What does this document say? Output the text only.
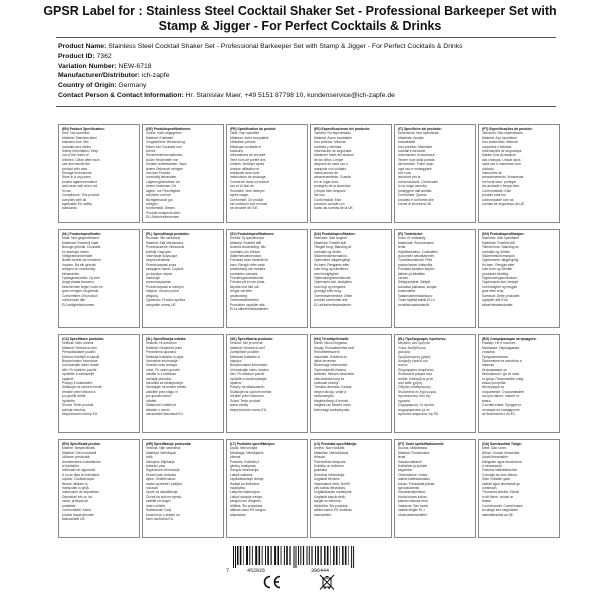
GPSR Label for : Stainless Steel Cocktail Shaker Set - Professional Barkeeper Set with Stamp & Jigger - For Perfect Cocktails & Drinks
Product Name: Stainless Steel Cocktail Shaker Set - Professional Barkeeper Set with Stamp & Jigger - For Perfect Cocktails & Drinks
Product ID: 7362
Variation Number: NEW-6718
Manufacturer/Distributor: ich-zapfe
Country of Origin: Germany
Contact Person & Contact Information: Hr. Stanislav Maer, +49 5151 87798 10, kundenservice@ich-zapfe.de
(EN) Product Specification:
Size: Not specified
Material: Stainless steel
Intended Use: Mix
cocktails and drinks
Safety Information: Keep
out of the reach of
children. Clean after each
use and handle the
product with care.
Storage Instructions:
Store in a dry place,
protect against moisture
and clean well when not
in use.
Compliance: This product
complies with all
applicable EU safety
standards.
(DE) Produktspezifikationen:
Größe: nicht angegeben
Material: Edelstahl
Vorgesehene Verwendung:
Mixen von Cocktails und
Drinks
Sicherheitsinformationen:
Außer Reichweite von
Kindern aufbewahren. Nach
jedem Gebrauch reinigen
und das Produkt
vorsichtig behandeln.
Lagerungshinweise: An
einem trockenen Ort
lagern, vor Feuchtigkeit
schützen und bei
Nichtgebrauch gut
reinigen.
Konformität: Dieses
Produkt entspricht allen
EU-Sicherheitsnormen.
(FR) Spécification du produit:
Taille: Non spécifiée
Matériau: Acier inoxydable
Utilisation prévue:
Mélanger cocktails et
boissons
Informations de sécurité:
Tenir hors de portée des
enfants. Nettoyer après
chaque utilisation et
manipuler avec soin.
Instructions de stockage:
Conserver dans un endroit
sec et à l'abri de
l'humidité, bien nettoyer
après usage.
Conformité: Ce produit
est conforme aux normes
de sécurité de l'UE.
(ES) Especificaciones del producto:
Tamaño: No especificado
Material: Acero inoxidable
Uso previsto: Mezclar
cócteles y bebidas
Información de seguridad:
Mantener fuera del alcance
de los niños. Limpie
después de cada uso y
manipule con cuidado.
Instrucciones de
almacenamiento: Guarde
en un lugar seco,
protegido de la humedad
y limpie bien después
del uso.
Conformidad: Este
producto cumple con
todas las normas de la UE.
(IT) Specifiche del prodotto:
Dimensioni: Non specificate
Materiale: Acciaio
inossidabile
Uso previsto: Miscelare
cocktail e bevande
Informazioni di sicurezza:
Tenere fuori dalla portata
dei bambini. Pulire dopo
ogni uso e maneggiare
con cura.
Istruzioni per la
conservazione: Conservare
in un luogo asciutto,
proteggere dall'umidità.
Conformità: Questo
prodotto è conforme alle
norme di sicurezza UE.
(PT) Especificações do produto:
Tamanho: Não especificado
Material: Aço inoxidável
Uso pretendido: Misturar
coquetéis e bebidas
Informações de segurança:
Manter fora do alcance
das crianças. Limpar após
cada uso e manusear com
cuidado.
Instruções de
armazenamento: Armazenar
em local seco, proteger
da umidade e limpar bem.
Conformidade: Este
produto está em
conformidade com as
normas de segurança da UE.
(NL) Productspecificatie:
Maat: Niet gespecificeerd
Materiaal: Roestvrij staal
Beoogd gebruik: Cocktails
en drankjes mixen
Veiligheidsinformatie:
Buiten bereik van kinderen
houden. Na elk gebruik
reinigen en voorzichtig
behandelen.
Opslaginstructies: Op een
droge plaats bewaren,
beschermen tegen vocht en
goed reinigen na gebruik.
Conformiteit: Dit product
voldoet aan alle
EU-veiligheidsnormen.
(PL) Specyfikacja produktu:
Rozmiar: Nie określono
Materiał: Stal nierdzewna
Przeznaczenie: Mieszanie
koktajli i napojów
Informacje dotyczące
bezpieczeństwa:
Przechowywać poza
zasięgiem dzieci. Czyścić
po każdym użyciu.
Instrukcje
przechowywania:
Przechowywać w suchym
miejscu, chronić przed
wilgocią.
Zgodność: Produkt spełnia
wszystkie normy UE.
(SV) Produktspecifikationer:
Storlek: Ej specificerad
Material: Rostfritt stål
Avsedd användning: Mix
cocktails och drinkar
Säkerhetsinformation:
Förvaras utom räckhåll för
barn. Rengör efter varje
användning och hantera
produkten varsamt.
Förvaringsinstruktioner:
Förvara på en torr plats,
skydda mot fukt och
rengör väl efter
användning.
Överensstämmelse:
Produkten uppfyller alla
EU:s säkerhetsstandarder.
(DA) Produktspecifikation:
Størrelse: Ikke angivet
Materiale: Rustfrit stål
Tilsigtet brug: Blanding af
cocktails og drinks
Sikkerhedsinformation:
Opbevares utilgængeligt
for børn. Rengøres efter
hver brug og håndteres
med forsigtighed.
Opbevaringsinstruktioner:
Opbevares tørt, beskyttes
mod fugt og rengøres
grundigt efter brug.
Overensstemmelse: Dette
produkt overholder alle
EU-sikkerhedsstandarder.
(FI) Tuotetiedot:
Koko: Ei määritelty
Materiaali: Ruostumaton
teräs
Käyttötarkoitus: Cocktailien
ja juomien sekoittaminen
Turvallisuustiedot: Pidä
poissa lasten ulottuvilta.
Puhdista jokaisen käytön
jälkeen ja käsittele
varoen.
Säilytysohjeet: Säilytä
kuivassa paikassa, suojaa
kosteudelta.
Vaatimustenmukaisuus:
Tuote täyttää kaikki EU:n
turvallisuusstandardit.
(NO) Produktspesifikasjon:
Størrelse: Ikke spesifisert
Materiale: Rustfritt stål
Tiltenkt bruk: Blanding av
cocktails og drinker
Sikkerhetsinformasjon:
Oppbevares utilgjengelig
for barn. Rengjør etter
hver bruk og håndter
produktet forsiktig.
Oppbevaringsinstrukser:
Oppbevares tørt, beskytt
mot fuktighet og rengjør
godt etter bruk.
Samsvar: Dette produktet
oppfyller alle EUs
sikkerhetsstandarder.
(CS) Specifikace produktu:
Velikost: Není určena
Materiál: Nerezová ocel
Předpokládané použití:
Míchání koktejlů a nápojů
Bezpečnostní informace:
Uchovávejte mimo dosah
dětí. Po každém použití
vyčistěte a zacházejte
opatrně.
Pokyny k uskladnění:
Skladujte na suchém místě,
chraňte před vlhkostí a
po použití dobře
vyčistěte.
Shoda: Tento produkt
splňuje všechny
bezpečnostní normy EU.
(SL) Specifikacija izdelka:
Velikost: Ni določeno
Material: Nerjaveče jeklo
Predvidena uporaba:
Mešanje koktajlov in pijač
Varnostne informacije:
Hranite izven dosega
otrok. Po vsaki uporabi
očistite in z izdelkom
ravnajte previdno.
Navodila za shranjevanje:
Shranjujte na suhem mestu,
zaščitite pred vlago in
po uporabi dobro
očistite.
Skladnost: Izdelek je
skladen z vsemi
varnostnimi standardi EU.
(SK) Špecifikácia produktu:
Veľkosť: Nie je určená
Materiál: Nerezová oceľ
Zamýšľané použitie:
Miešanie koktailov a
nápojov
Bezpečnostné informácie:
Uchovávajte mimo dosahu
detí. Po každom použití
vyčistite a zaobchádzajte
opatrne.
Pokyny na skladovanie:
Skladujte na suchom mieste,
chráňte pred vlhkosťou.
Súlad: Tento produkt
spĺňa všetky
bezpečnostné normy EÚ.
(HU) Termékjellemzők:
Méret: Nincs megadva
Anyag: Rozsdamentes acél
Rendeltetésszerű
használat: Koktélok és
italok keverése
Biztonsági információk:
Gyermekektől elzárva
tartandó. Minden használat
után tisztítsa meg és
óvatosan kezelje.
Tárolási útmutató: Száraz
helyen tárolja, védje a
nedvességtől.
Megfelelőség: A termék
megfelel az összes uniós
biztonsági szabványnak.
(EL) Προδιαγραφές προϊόντος:
Μέγεθος: Δεν ορίζεται
Υλικό: Ανοξείδωτος
χάλυβας
Προβλεπόμενη χρήση:
Ανάμειξη κοκτέιλ και
ποτών
Πληροφορίες ασφαλείας:
Φυλάσσετε μακριά από
παιδιά. Καθαρίζετε μετά
από κάθε χρήση.
Οδηγίες αποθήκευσης:
Φυλάσσετε σε ξηρό μέρος,
προστατεύετε από την
υγρασία.
Συμμόρφωση: Το προϊόν
συμμορφώνεται με τα
πρότυπα ασφαλείας της ΕΕ.
(BG) Спецификации на продукта:
Размер: Не е посочен
Материал: Неръждаема
стомана
Предназначение:
Приготвяне на коктейли и
напитки
Информация за
безопасност: Да се пази
от деца. Почиствайте след
всяка употреба.
Инструкции за
съхранение: Съхранявайте
на сухо място, пазете от
влага.
Съответствие: Продуктът
отговаря на стандартите
за безопасност на ЕС.
(RO) Specificații produs:
Mărime: Nespecificată
Material: Oțel inoxidabil
Utilizare prevăzută:
Amestecarea cocktailurilor
și băuturilor
Informații de siguranță:
A nu se lăsa la îndemâna
copiilor. Curățați după
fiecare utilizare și
manipulați cu grijă.
Instrucțiuni de depozitare:
Depozitați într-un loc
uscat, protejați de
umiditate.
Conformitate: Acest
produs respectă toate
standardele UE.
(HR) Specifikacije proizvoda:
Veličina: Nije navedena
Materijal: Nehrđajući
čelik
Namjena: Miješanje
koktela i pića
Sigurnosne informacije:
Držati izvan dohvata
djece. Očistiti nakon
svake upotrebe i pažljivo
rukovati.
Upute za skladištenje:
Čuvati na suhom mjestu,
zaštititi od vlage i
dobro očistiti.
Sukladnost: Ovaj
proizvod je u skladu sa
svim normama EU.
(LT) Produkto specifikacijos:
Dydis: Nenurodyta
Medžiaga: Nerūdijantis
plienas
Paskirtis: Kokteilių ir
gėrimų maišymas
Saugos informacija:
Laikyti vaikams
nepasiekiamoje vietoje.
Išvalyti po kiekvieno
naudojimo.
Laikymo instrukcijos:
Laikyti sausoje vietoje,
saugoti nuo drėgmės.
Atitiktis: Šis produktas
atitinka visus ES saugos
standartus.
(LV) Produkta specifikācija:
Izmērs: Nav norādīts
Materiāls: Nerūsējošais
tērauds
Paredzētais lietojums:
Kokteiļu un dzērienu
jaukšana
Drošības informācija:
Uzglabāt bērniem
nepieejamā vietā. Notīrīt
pēc katras lietošanas.
Uzglabāšanas norādījumi:
Uzglabāt sausā vietā,
sargāt no mitruma.
Atbilstība: Šis produkts
atbilst visiem ES drošības
standartiem.
(ET) Toote spetsifikatsioonid:
Suurus: Määramata
Materjal: Roostevaba
teras
Kasutusotstarve:
Kokteilide ja jookide
segamine
Ohutusteave: Hoida
lastele kättesaamatus
kohas. Puhastada pärast
iga kasutamist.
Hoiustamisjuhised:
Hoida kuivas kohas,
kaitsta niiskuse eest.
Vastavus: See toode
vastab kõigile EL-i
ohutusstandarditele.
(GA) Sonraíochtaí Táirge:
Méid: Gan sonrú
Ábhar: Cruach dhosmálta
Úsáid bheartaithe:
Manglaim agus deochanna
a mheascadh
Faisnéis sábháilteachta:
Coinnigh as raon leanaí.
Glan i ndiaidh gach
úsáide agus láimhseáil go
cúramach.
Treoracha stórála: Stóráil
in áit thirim, cosain ar
thaise.
Comhlíonadh: Comhlíonann
an táirge seo caighdeáin
sábháilteachta an AE.
7	452026	396444
